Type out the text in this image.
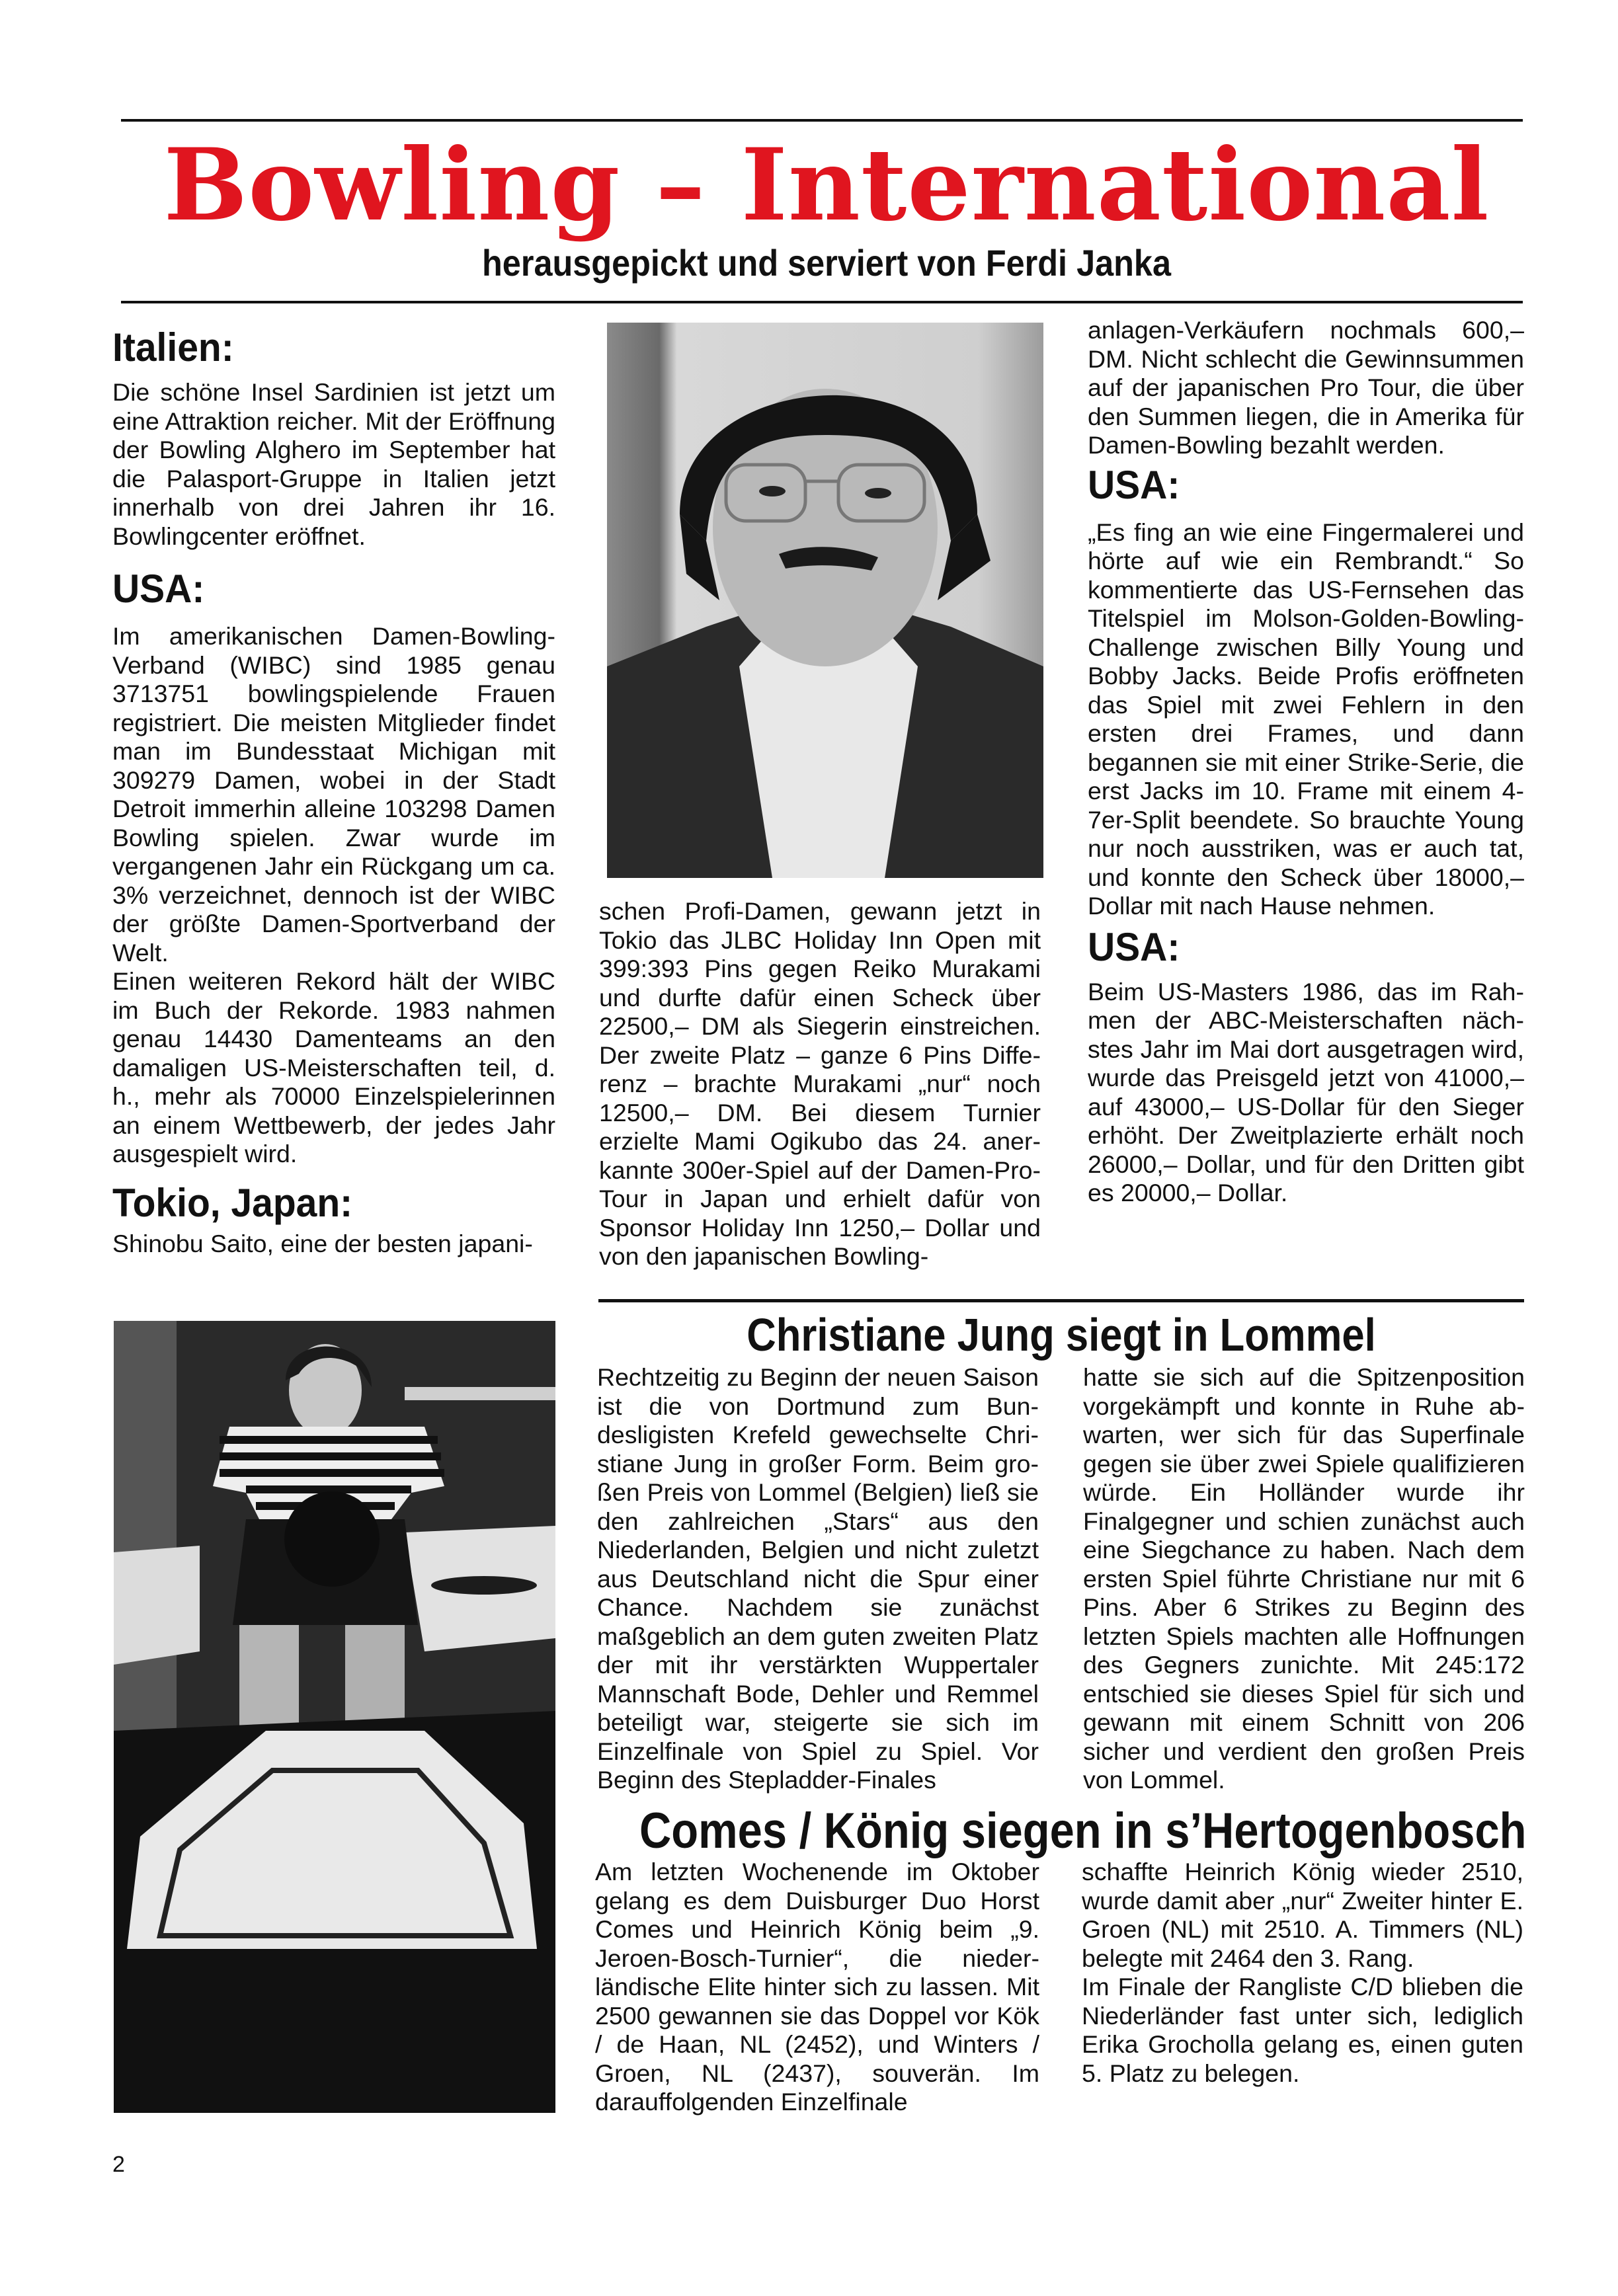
Bowling – International
herausgepickt und serviert von Ferdi Janka
Italien:

Die schöne Insel Sardinien ist jetzt um eine Attraktion reicher. Mit der Eröffnung der Bowling Alghero im September hat die Palasport-Gruppe in Italien jetzt innerhalb von drei Jahren ihr 16. Bowlingcenter eröffnet.

USA:

Im amerikanischen Damen-Bowling-Verband (WIBC) sind 1985 genau 3713751 bowlingspielende Frauen registriert. Die meisten Mitglieder findet man im Bundesstaat Michigan mit 309279 Damen, wobei in der Stadt Detroit immerhin alleine 103298 Damen Bowling spielen. Zwar wurde im vergangenen Jahr ein Rückgang um ca. 3% verzeichnet, dennoch ist der WIBC der größte Damen-Sportverband der Welt.

Einen weiteren Rekord hält der WIBC im Buch der Rekorde. 1983 nahmen genau 14430 Damenteams an den damaligen US-Meisterschaften teil, d. h., mehr als 70000 Einzelspielerinnen an einem Wettbewerb, der jedes Jahr ausgespielt wird.

Tokio, Japan:

Shinobu Saito, eine der besten japani-

schen Profi-Damen, gewann jetzt in Tokio das JLBC Holiday Inn Open mit 399:393 Pins gegen Reiko Murakami und durfte dafür einen Scheck über 22500,– DM als Siegerin einstreichen. Der zweite Platz – ganze 6 Pins Differenz – brachte Murakami „nur“ noch 12500,– DM. Bei diesem Turnier erzielte Mami Ogikubo das 24. anerkannte 300er-Spiel auf der Damen-Pro-Tour in Japan und erhielt dafür von Sponsor Holiday Inn 1250,– Dollar und von den japanischen Bowling-

anlagen-Verkäufern nochmals 600,– DM. Nicht schlecht die Gewinnsummen auf der japanischen Pro Tour, die über den Summen liegen, die in Amerika für Damen-Bowling bezahlt werden.

USA:

„Es fing an wie eine Fingermalerei und hörte auf wie ein Rembrandt.“ So kommentierte das US-Fernsehen das Titelspiel im Molson-Golden-Bowling-Challenge zwischen Billy Young und Bobby Jacks. Beide Profis eröffneten das Spiel mit zwei Fehlern in den ersten drei Frames, und dann begannen sie mit einer Strike-Serie, die erst Jacks im 10. Frame mit einem 4-7er-Split beendete. So brauchte Young nur noch ausstriken, was er auch tat, und konnte den Scheck über 18000,– Dollar mit nach Hause nehmen.

USA:

Beim US-Masters 1986, das im Rahmen der ABC-Meisterschaften nächstes Jahr im Mai dort ausgetragen wird, wurde das Preisgeld jetzt von 41000,– auf 43000,– US-Dollar für den Sieger erhöht. Der Zweitplazierte erhält noch 26000,– Dollar, und für den Dritten gibt es 20000,– Dollar.

Christiane Jung siegt in Lommel

Rechtzeitig zu Beginn der neuen Saison ist die von Dortmund zum Bundesligisten Krefeld gewechselte Christiane Jung in großer Form. Beim großen Preis von Lommel (Belgien) ließ sie den zahlreichen „Stars“ aus den Niederlanden, Belgien und nicht zuletzt aus Deutschland nicht die Spur einer Chance. Nachdem sie zunächst maßgeblich an dem guten zweiten Platz der mit ihr verstärkten Wuppertaler Mannschaft Bode, Dehler und Remmel beteiligt war, steigerte sie sich im Einzelfinale von Spiel zu Spiel. Vor Beginn des Stepladder-Finales

hatte sie sich auf die Spitzenposition vorgekämpft und konnte in Ruhe abwarten, wer sich für das Superfinale gegen sie über zwei Spiele qualifizieren würde. Ein Holländer wurde ihr Finalgegner und schien zunächst auch eine Siegchance zu haben. Nach dem ersten Spiel führte Christiane nur mit 6 Pins. Aber 6 Strikes zu Beginn des letzten Spiels machten alle Hoffnungen des Gegners zunichte. Mit 245:172 entschied sie dieses Spiel für sich und gewann mit einem Schnitt von 206 sicher und verdient den großen Preis von Lommel.

Comes / König siegen in s’Hertogenbosch

Am letzten Wochenende im Oktober gelang es dem Duisburger Duo Horst Comes und Heinrich König beim „9. Jeroen-Bosch-Turnier“, die niederländische Elite hinter sich zu lassen. Mit 2500 gewannen sie das Doppel vor Kök / de Haan, NL (2452), und Winters / Groen, NL (2437), souverän. Im darauffolgenden Einzelfinale

schaffte Heinrich König wieder 2510, wurde damit aber „nur“ Zweiter hinter E. Groen (NL) mit 2510. A. Timmers (NL) belegte mit 2464 den 3. Rang.

Im Finale der Rangliste C/D blieben die Niederländer fast unter sich, lediglich Erika Grocholla gelang es, einen guten 5. Platz zu belegen.

2
